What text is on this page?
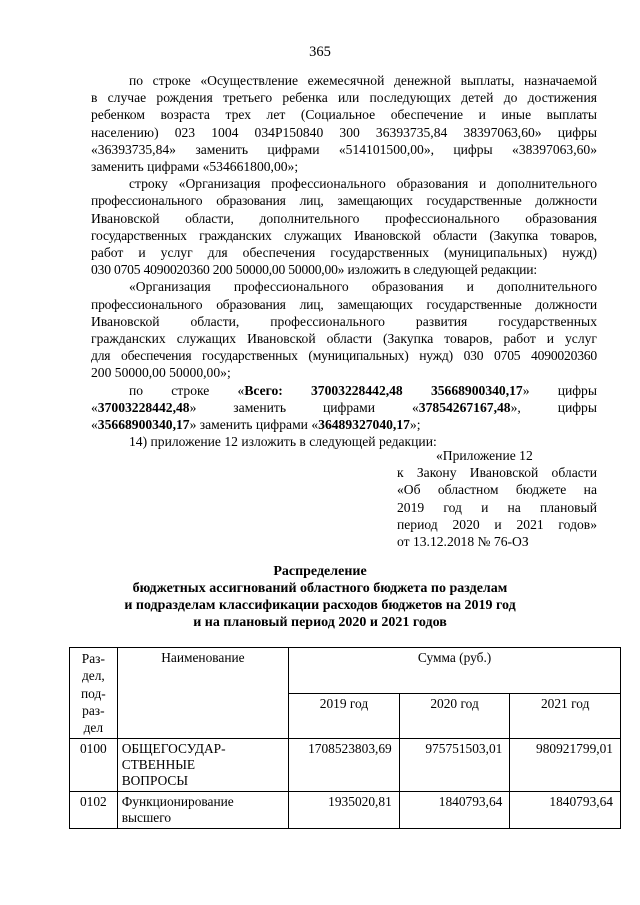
365

по строке «Осуществление ежемесячной денежной выплаты, назначаемой

в случае рождения третьего ребенка или последующих детей до достижения

ребенком возраста трех лет (Социальное обеспечение и иные выплаты

населению) 023 1004 034P150840 300 36393735,84 38397063,60» цифры

«36393735,84» заменить цифрами «514101500,00», цифры «38397063,60»

заменить цифрами «534661800,00»;

строку «Организация профессионального образования и дополнительного

профессионального образования лиц, замещающих государственные должности

Ивановской области, дополнительного профессионального образования

государственных гражданских служащих Ивановской области (Закупка товаров,

работ и услуг для обеспечения государственных (муниципальных) нужд)

030 0705 4090020360 200 50000,00 50000,00» изложить в следующей редакции:

«Организация профессионального образования и дополнительного

профессионального образования лиц, замещающих государственные должности

Ивановской области, профессионального развития государственных

гражданских служащих Ивановской области (Закупка товаров, работ и услуг

для обеспечения государственных (муниципальных) нужд) 030 0705 4090020360

200 50000,00 50000,00»;

по строке «Всего: 37003228442,48 35668900340,17» цифры

«37003228442,48» заменить цифрами «37854267167,48», цифры

«35668900340,17» заменить цифрами «36489327040,17»;

14) приложение 12 изложить в следующей редакции:

«Приложение 12
к Закону Ивановской области
«Об областном бюджете на
2019 год и на плановый
период 2020 и 2021 годов»
от 13.12.2018 № 76-ОЗ
Распределение
бюджетных ассигнований областного бюджета по разделам
и подразделам классификации расходов бюджетов на 2019 год
и на плановый период 2020 и 2021 годов
Раз-
дел,
под-
раз-
дел	Наименование	Сумма (руб.)		
		2019 год	2020 год	2021 год
0100	ОБЩЕГОСУДАР-
СТВЕННЫЕ
ВОПРОСЫ	1708523803,69	975751503,01	980921799,01
0102	Функционирование
высшего	1935020,81	1840793,64	1840793,64
